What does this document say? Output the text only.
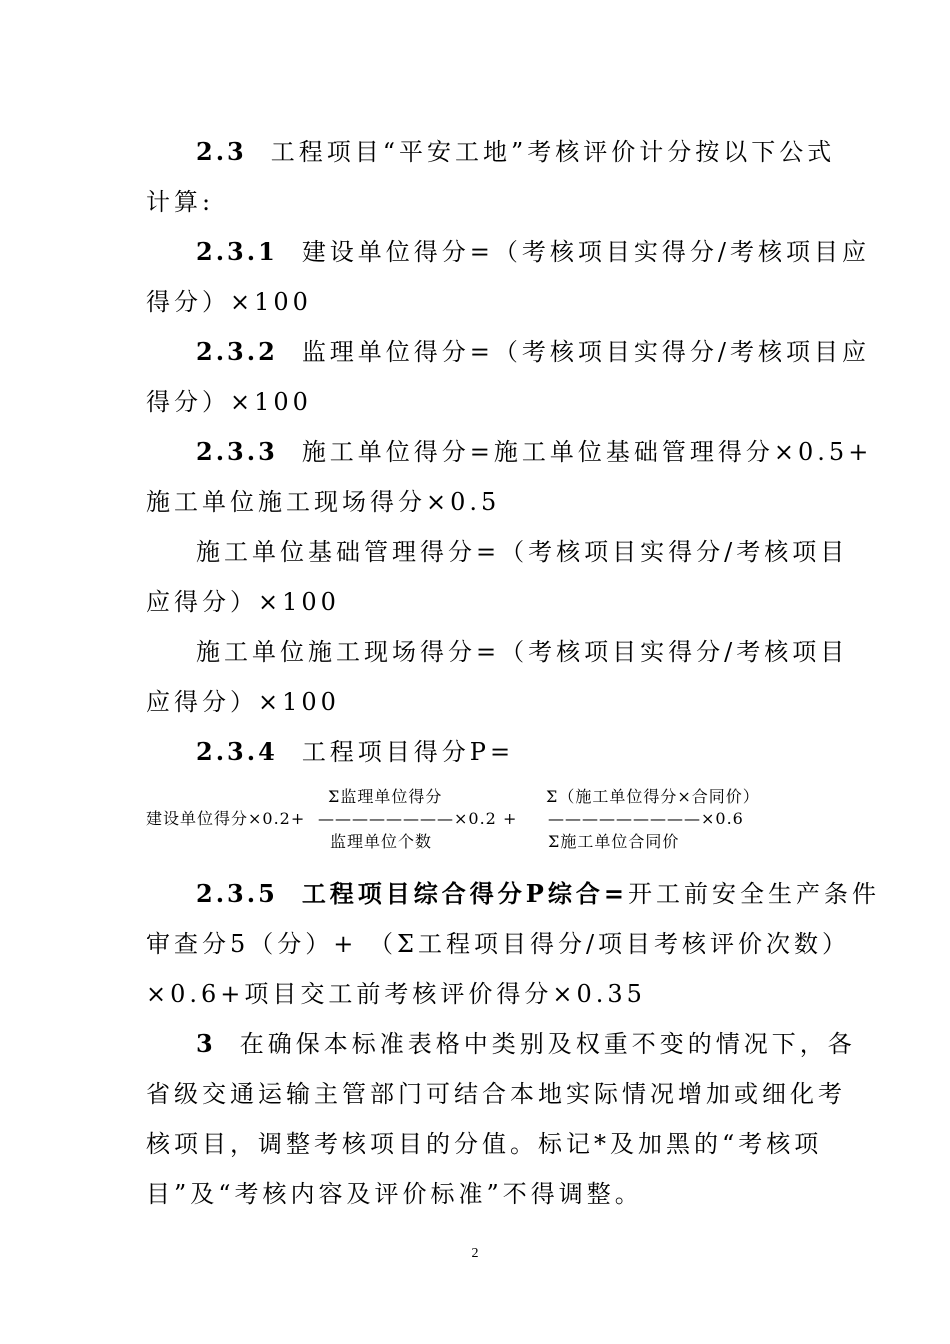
2.3 工程项目“平安工地”考核评价计分按以下公式
计算:
2.3.1 建设单位得分=（考核项目实得分/考核项目应
得分）×100
2.3.2 监理单位得分=（考核项目实得分/考核项目应
得分）×100
2.3.3 施工单位得分=施工单位基础管理得分×0.5+
施工单位施工现场得分×0.5
施工单位基础管理得分=（考核项目实得分/考核项目
应得分）×100
施工单位施工现场得分=（考核项目实得分/考核项目
应得分）×100
2.3.4 工程项目得分P=
Σ监理单位得分
建设单位得分×0.2+ ————————×0.2 +
监理单位个数
Σ（施工单位得分×合同价）
—————————×0.6
Σ施工单位合同价
2.3.5 工程项目综合得分P综合=开工前安全生产条件
审查分5（分）+ （Σ工程项目得分/项目考核评价次数）
×0.6+项目交工前考核评价得分×0.35
3 在确保本标准表格中类别及权重不变的情况下，各
省级交通运输主管部门可结合本地实际情况增加或细化考
核项目，调整考核项目的分值。标记*及加黑的“考核项
目”及“考核内容及评价标准”不得调整。
2
